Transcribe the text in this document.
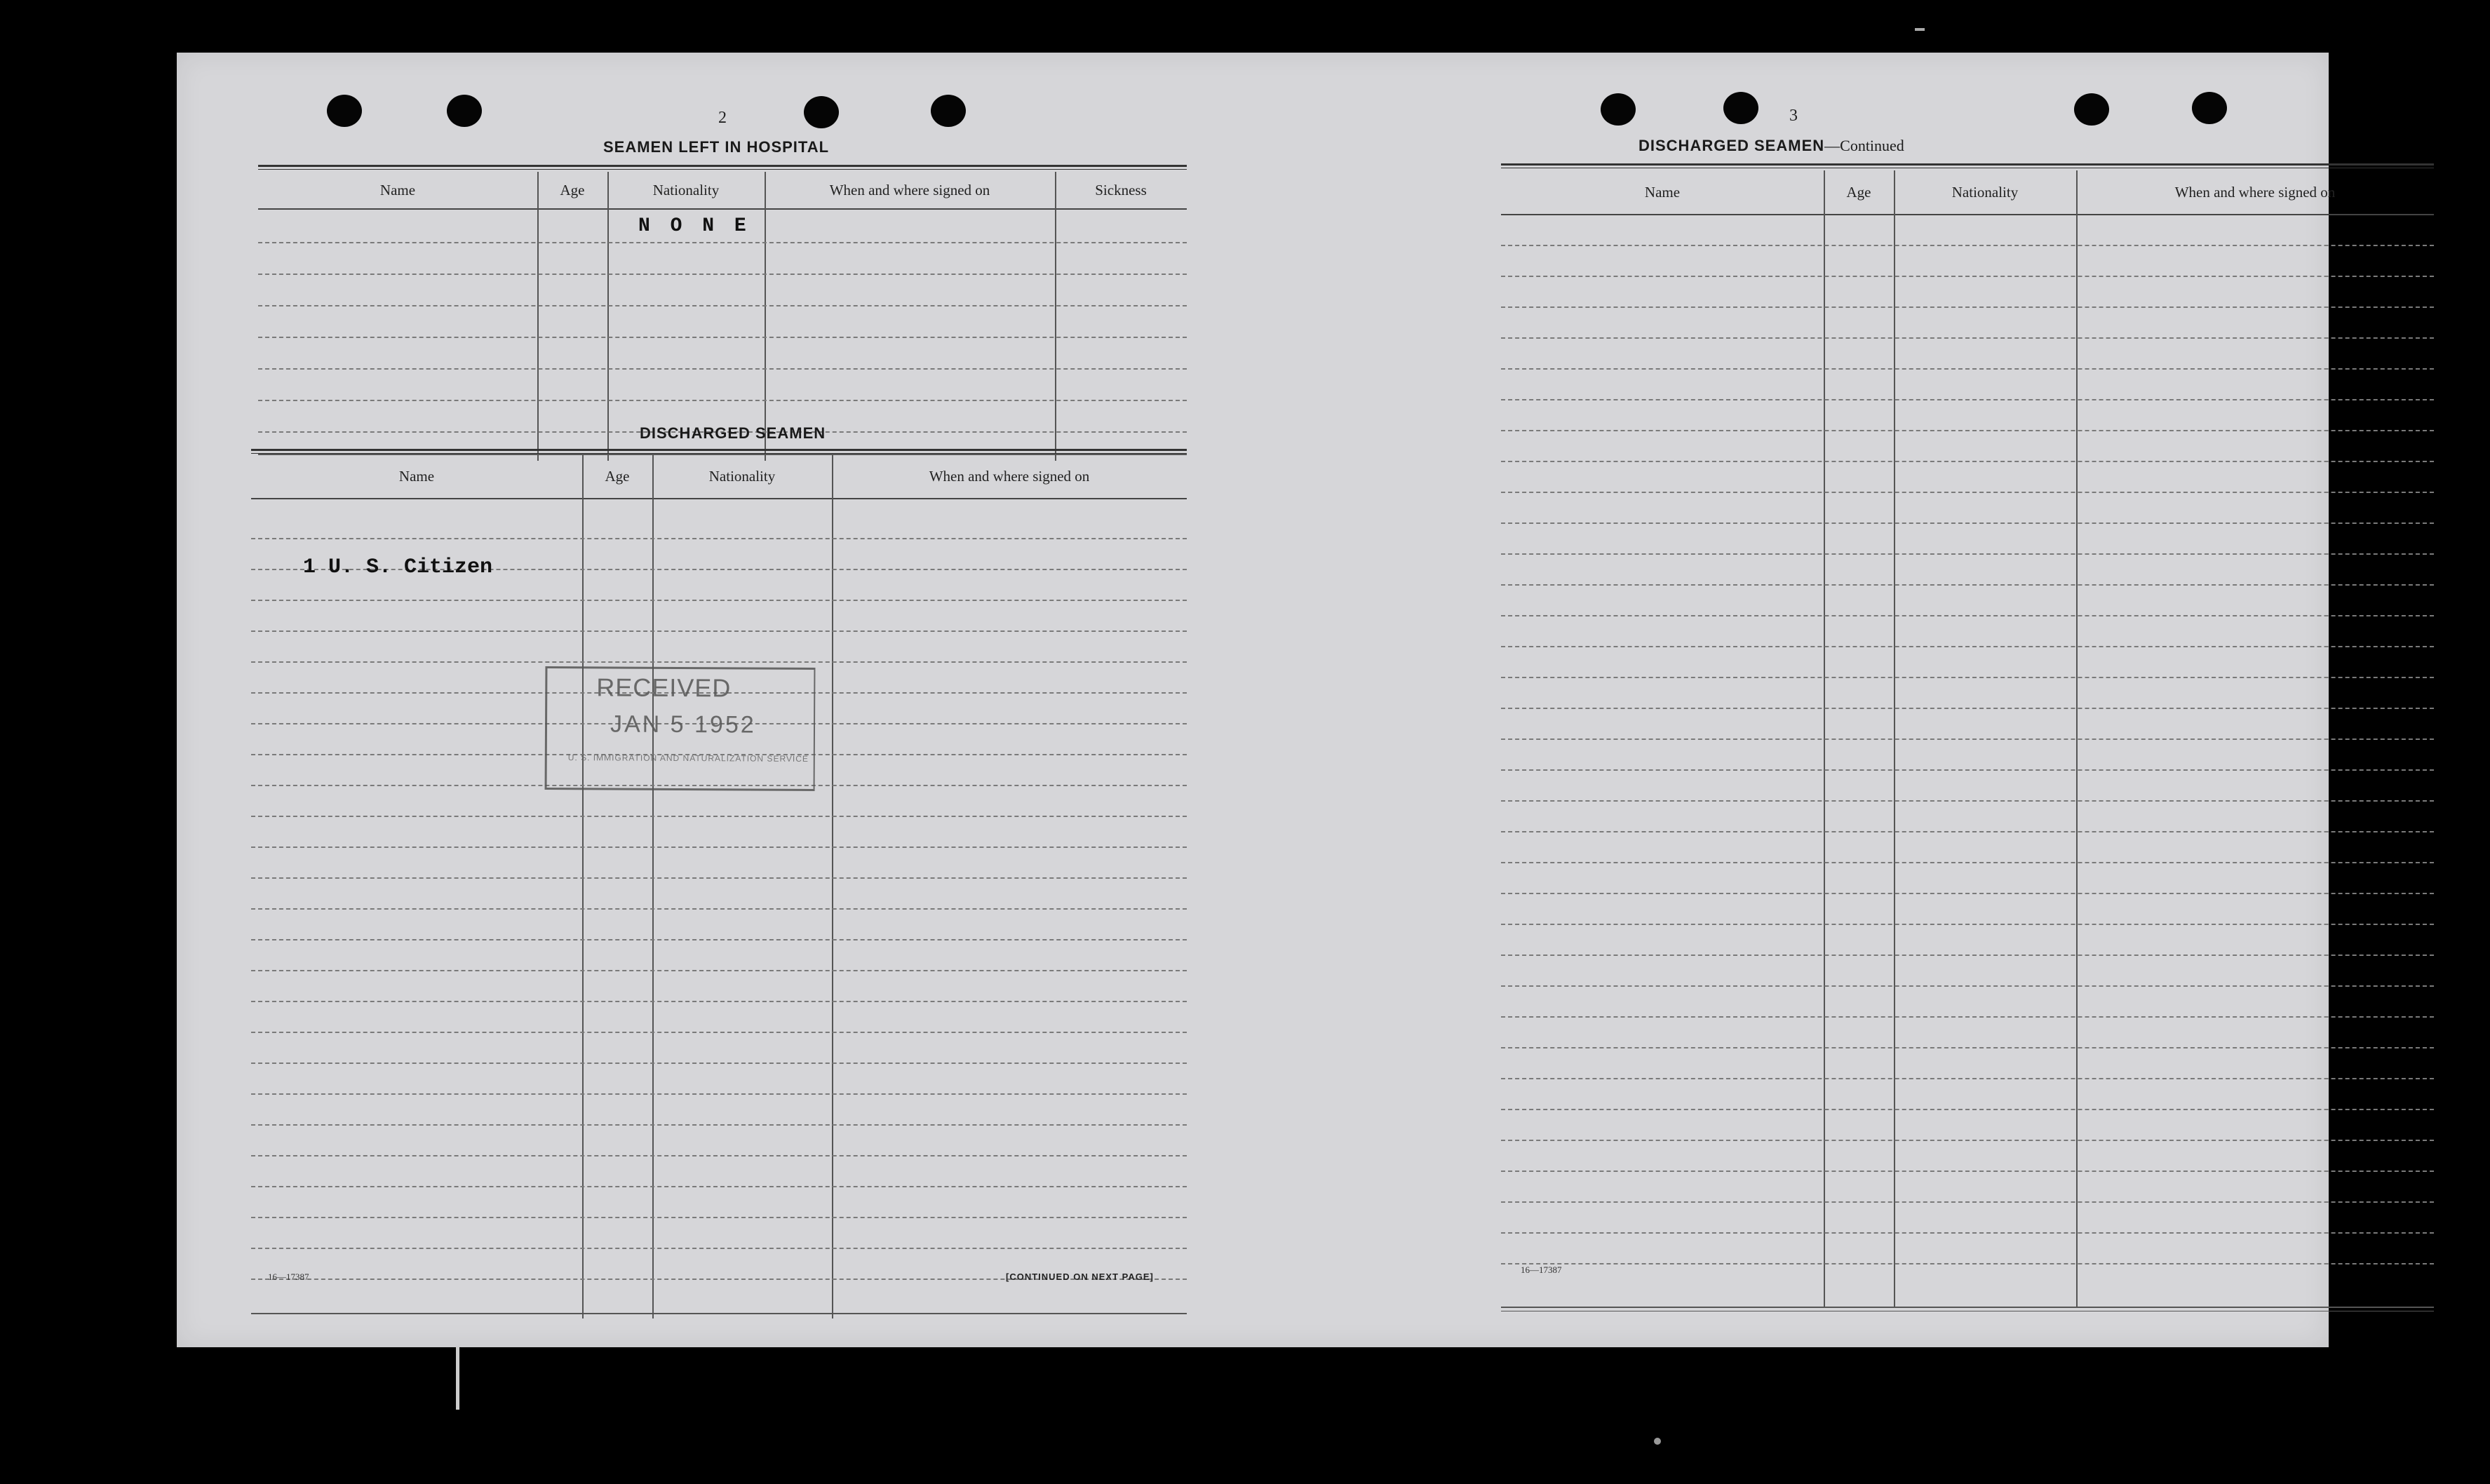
2
SEAMEN LEFT IN HOSPITAL
Name	Age	Nationality	When and where signed on	Sickness
N O N E
DISCHARGED SEAMEN
Name	Age	Nationality	When and where signed on
1 U. S. Citizen
RECEIVED
JAN 5 1952
U. S. IMMIGRATION AND NATURALIZATION SERVICE
16—17387	[CONTINUED ON NEXT PAGE]
3
DISCHARGED SEAMEN—Continued
Name	Age	Nationality	When and where signed on
16—17387
